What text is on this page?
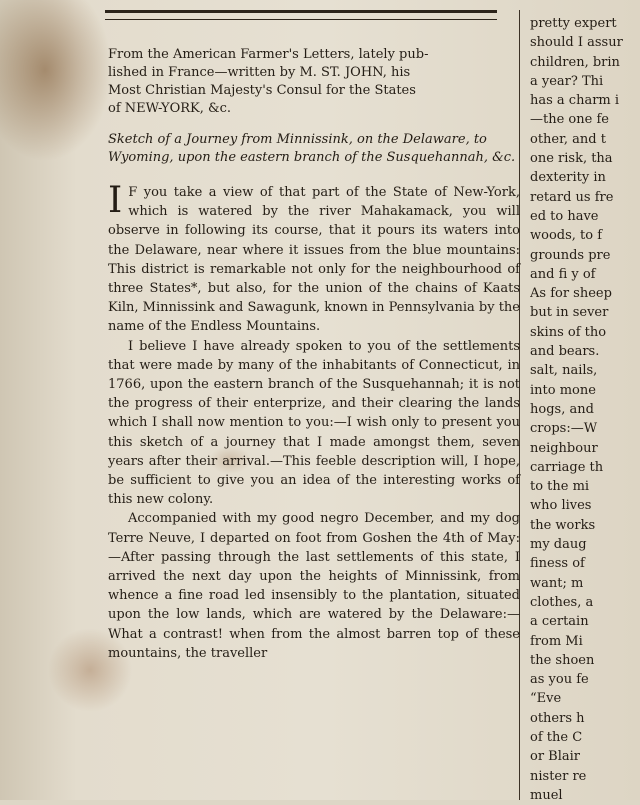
From the American Farmer's Letters, lately pub-
lished in France—written by M. ST. JOHN, his
Most Christian Majesty's Consul for the States
of NEW-YORK, &c.

Sketch of a Journey from Minnissink, on the Delaware, to Wyoming, upon the eastern branch of the Susquehannah, &c.

I F you take a view of that part of the State of New-York, which is watered by the river Mahakamack, you will observe in following its course, that it pours its waters into the Delaware, near where it issues from the blue mountains: This district is remarkable not only for the neighbourhood of three States*, but also, for the union of the chains of Kaats Kiln, Minnissink and Sawagunk, known in Pennsylvania by the name of the Endless Mountains.

I believe I have already spoken to you of the settlements that were made by many of the inhabitants of Connecticut, in 1766, upon the eastern branch of the Susquehannah; it is not the progress of their enterprize, and their clearing the lands which I shall now mention to you:—I wish only to present you this sketch of a journey that I made amongst them, seven years after their arrival.—This feeble description will, I hope, be sufficient to give you an idea of the interesting works of this new colony.

Accompanied with my good negro December, and my dog Terre Neuve, I departed on foot from Goshen the 4th of May:—After passing through the last settlements of this state, I arrived the next day upon the heights of Minnissink, from whence a fine road led insensibly to the plantation, situated upon the low lands, which are watered by the Delaware:—What a contrast! when from the almost barren top of these mountains, the traveller

pretty expert
should I assur
children, brin
a year? Thi
has a charm i
—the one fe
other, and t
one risk, tha
dexterity in
retard us fre
ed to have
woods, to f
grounds pre
and fi y of
As for sheep
but in sever
skins of tho
and bears.
salt, nails,
into mone
hogs, and
crops:—W
neighbour
carriage th
to the mi
who lives
the works
my daug
finess of
want; m
clothes, a
a certain
from Mi
the shoen
as you fe
“Eve
others h
of the C
or Blair
nister re
muel
